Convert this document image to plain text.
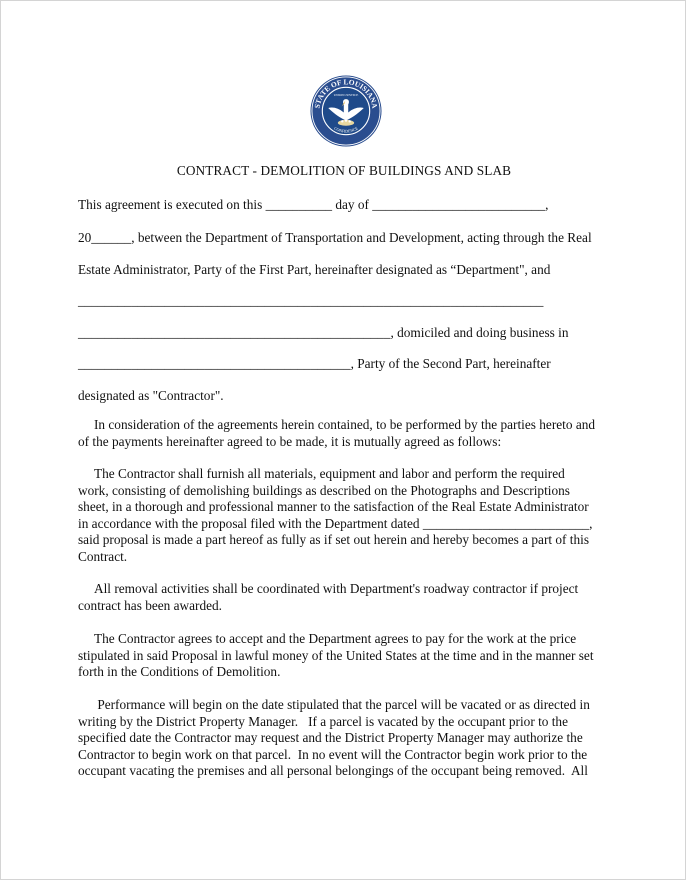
STATE OF LOUISIANA
CONFIDENCE
UNION JUSTICE
CONTRACT - DEMOLITION OF BUILDINGS AND SLAB
This agreement is executed on this __________ day of __________________________,
20______, between the Department of Transportation and Development, acting through the Real
Estate Administrator, Party of the First Part, hereinafter designated as “Department", and
______________________________________________________________________
_______________________________________________, domiciled and doing business in
_________________________________________, Party of the Second Part, hereinafter
designated as "Contractor".
In consideration of the agreements herein contained, to be performed by the parties hereto and
of the payments hereinafter agreed to be made, it is mutually agreed as follows:
The Contractor shall furnish all materials, equipment and labor and perform the required
work, consisting of demolishing buildings as described on the Photographs and Descriptions
sheet, in a thorough and professional manner to the satisfaction of the Real Estate Administrator
in accordance with the proposal filed with the Department dated _________________________,
said proposal is made a part hereof as fully as if set out herein and hereby becomes a part of this
Contract.
All removal activities shall be coordinated with Department's roadway contractor if project
contract has been awarded.
The Contractor agrees to accept and the Department agrees to pay for the work at the price
stipulated in said Proposal in lawful money of the United States at the time and in the manner set
forth in the Conditions of Demolition.
Performance will begin on the date stipulated that the parcel will be vacated or as directed in
writing by the District Property Manager.   If a parcel is vacated by the occupant prior to the
specified date the Contractor may request and the District Property Manager may authorize the
Contractor to begin work on that parcel.  In no event will the Contractor begin work prior to the
occupant vacating the premises and all personal belongings of the occupant being removed.  All
